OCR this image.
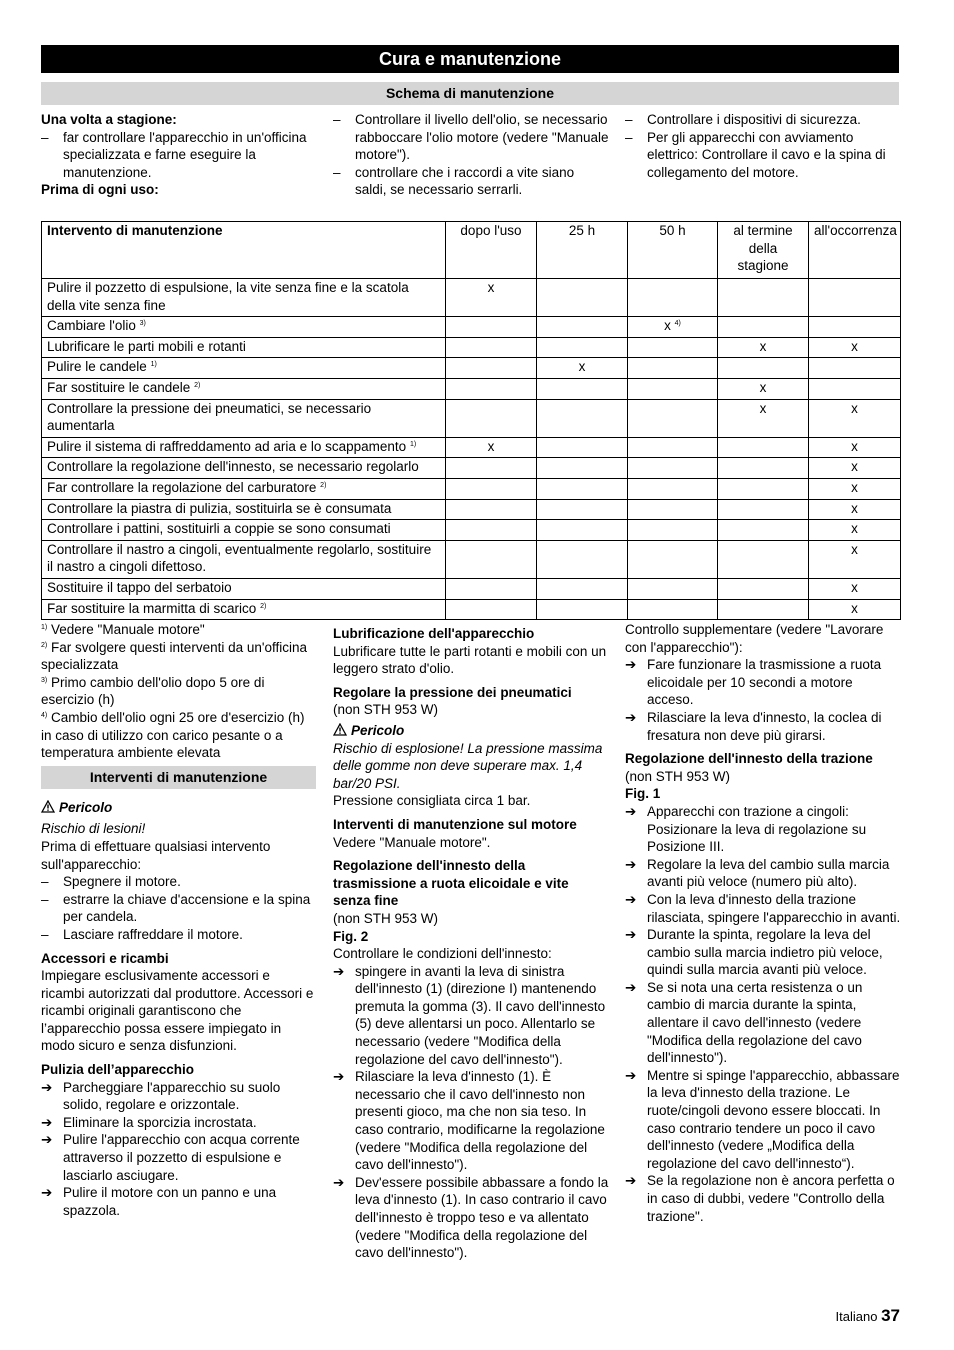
Cura e manutenzione
Schema di manutenzione

Una volta a stagione:

–	far controllare l'apparecchio in un'officina specializzata e farne eseguire la manutenzione.

Prima di ogni uso:

–	Controllare il livello dell'olio, se necessario rabboccare l'olio motore (vedere "Manuale motore").
–	controllare che i raccordi a vite siano saldi, se necessario serrarli.
–	Controllare i dispositivi di sicurezza.
–	Per gli apparecchi con avviamento elettrico: Controllare il cavo e la spina di collegamento del motore.
Intervento di manutenzione	dopo l'uso	25 h	50 h	al termine della stagione	all'occorrenza
Pulire il pozzetto di espulsione, la vite senza fine e la scatola della vite senza fine	x				
Cambiare l'olio $^{3)}$			x $^{4)}$		
Lubrificare le parti mobili e rotanti				x	x
Pulire le candele $^{1)}$		x			
Far sostituire le candele $^{2)}$				x	
Controllare la pressione dei pneumatici, se necessario aumentarla				x	x
Pulire il sistema di raffreddamento ad aria e lo scappamento $^{1)}$	x				x
Controllare la regolazione dell'innesto, se necessario regolarlo					x
Far controllare la regolazione del carburatore $^{2)}$					x
Controllare la piastra di pulizia, sostituirla se è consumata					x
Controllare i pattini, sostituirli a coppie se sono consumati					x
Controllare il nastro a cingoli, eventualmente regolarlo, sostituire il nastro a cingoli difettoso.					x
Sostituire il tappo del serbatoio					x
Far sostituire la marmitta di scarico $^{2)}$					x

$^{1)}$ Vedere "Manuale motore"

$^{2)}$ Far svolgere questi interventi da un'officina specializzata

$^{3)}$ Primo cambio dell'olio dopo 5 ore di esercizio (h)

$^{4)}$ Cambio dell'olio ogni 25 ore d'esercizio (h) in caso di utilizzo con carico pesante o a temperatura ambiente elevata

Interventi di manutenzione

Pericolo

Rischio di lesioni!

Prima di effettuare qualsiasi intervento sull'apparecchio:

–	Spegnere il motore.
–	estrarre la chiave d'accensione e la spina per candela.
–	Lasciare raffreddare il motore.

Accessori e ricambi

Impiegare esclusivamente accessori e ricambi autorizzati dal produttore. Accessori e ricambi originali garantiscono che l’apparecchio possa essere impiegato in modo sicuro e senza disfunzioni.

Pulizia dell’apparecchio

➔ Parcheggiare l'apparecchio su suolo solido, regolare e orizzontale.
➔ Eliminare la sporcizia incrostata.
➔ Pulire l'apparecchio con acqua corrente attraverso il pozzetto di espulsione e lasciarlo asciugare.
➔ Pulire il motore con un panno e una spazzola.

Lubrificazione dell'apparecchio

Lubrificare tutte le parti rotanti e mobili con un leggero strato d'olio.

Regolare la pressione dei pneumatici

(non STH 953 W)

Pericolo

Rischio di esplosione! La pressione massima delle gomme non deve superare max. 1,4 bar/20 PSI.

Pressione consigliata circa 1 bar.

Interventi di manutenzione sul motore

Vedere "Manuale motore".

Regolazione dell'innesto della trasmissione a ruota elicoidale e vite senza fine

(non STH 953 W)

Fig. 2

Controllare le condizioni dell'innesto:

➔ spingere in avanti la leva di sinistra dell'innesto (1) (direzione I) mantenendo premuta la gomma (3). Il cavo dell'innesto (5) deve allentarsi un poco. Allentarlo se necessario (vedere "Modifica della regolazione del cavo dell'innesto").
➔ Rilasciare la leva d'innesto (1). È necessario che il cavo dell'innesto non presenti gioco, ma che non sia teso. In caso contrario, modificarne la regolazione (vedere "Modifica della regolazione del cavo dell'innesto").
➔ Dev'essere possibile abbassare a fondo la leva d'innesto (1). In caso contrario il cavo dell'innesto è troppo teso e va allentato (vedere "Modifica della regolazione del cavo dell'innesto").

Controllo supplementare (vedere "Lavorare con l'apparecchio"):

➔ Fare funzionare la trasmissione a ruota elicoidale per 10 secondi a motore acceso.
➔ Rilasciare la leva d'innesto, la coclea di fresatura non deve più girarsi.

Regolazione dell'innesto della trazione

(non STH 953 W)

Fig. 1

➔ Apparecchi con trazione a cingoli: Posizionare la leva di regolazione su Posizione III.
➔ Regolare la leva del cambio sulla marcia avanti più veloce (numero più alto).
➔ Con la leva d'innesto della trazione rilasciata, spingere l'apparecchio in avanti.
➔ Durante la spinta, regolare la leva del cambio sulla marcia indietro più veloce, quindi sulla marcia avanti più veloce.
➔ Se si nota una certa resistenza o un cambio di marcia durante la spinta, allentare il cavo dell'innesto (vedere "Modifica della regolazione del cavo dell'innesto").
➔ Mentre si spinge l'apparecchio, abbassare la leva d'innesto della trazione. Le ruote/cingoli devono essere bloccati. In caso contrario tendere un poco il cavo dell'innesto (vedere „Modifica della regolazione del cavo dell'innesto“).
➔ Se la regolazione non è ancora perfetta o in caso di dubbi, vedere "Controllo della trazione".
Italiano 37
